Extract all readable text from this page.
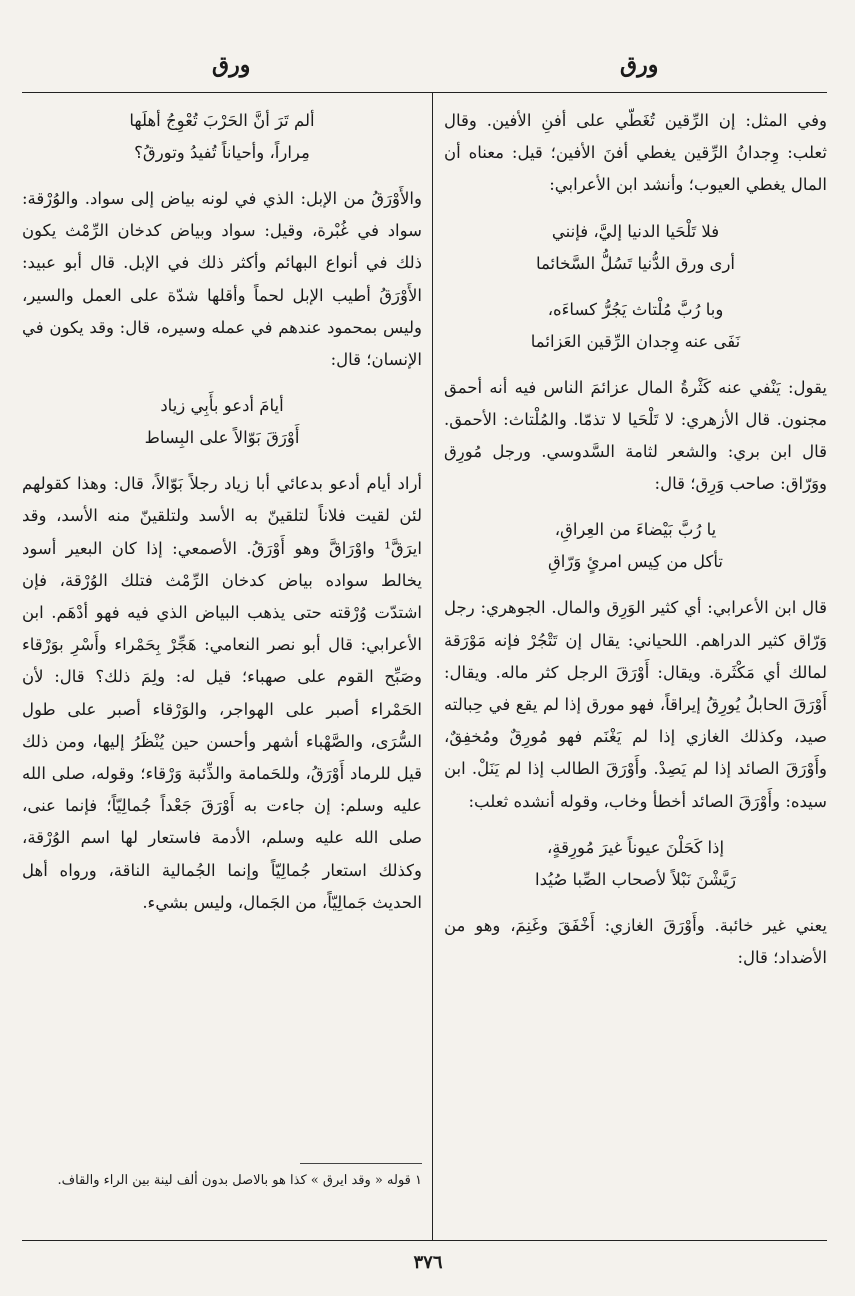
ورق
ورق

وفي المثل: إن الرِّقين تُغَطّي على أفنِ الأفين. وقال ثعلب: وِجدانُ الرِّقين يغطي أفنَ الأفين؛ قيل: معناه أن المال يغطي العيوب؛ وأنشد ابن الأعرابي:

فلا تَلْحَيا الدنيا إليَّ، فإنني
أرى ورق الدُّنيا تَسُلُّ السَّخائما
وبا رُبَّ مُلْتاث يَجُرُّ كساءَه،
نَفَى عنه وِجدان الرِّقين العَزائما

يقول: يَنْفي عنه كَثْرةُ المال عزائمَ الناس فيه أنه أحمق مجنون. قال الأزهري: لا تَلْحَيا لا تذمّا. والمُلْتاث: الأحمق. قال ابن بري: والشعر لثامة السَّدوسي. ورجل مُورِق ووَرّاق: صاحب وَرِق؛ قال:

يا رُبَّ بَيْضاءَ من العِراقِ،
تأكل من كِيس امرئٍ وَرّاقِ

قال ابن الأعرابي: أي كثير الوَرِق والمال. الجوهري: رجل وَرّاق كثير الدراهم. اللحياني: يقال إن تَتْجُرْ فإنه مَوْرَقة لمالك أي مَكْثَرة. ويقال: أَوْرَقَ الرجل كثر ماله. ويقال: أَوْرَقَ الحابلُ يُورِقُ إيراقاً، فهو مورق إذا لم يقع في حِبالته صيد، وكذلك الغازي إذا لم يَغْنَم فهو مُورِقٌ ومُخفِقٌ، وأَوْرَقَ الصائد إذا لم يَصِدْ. وأَوْرَقَ الطالب إذا لم يَنَلْ. ابن سيده: وأَوْرَقَ الصائد أخطأ وخاب، وقوله أنشده ثعلب:

إذا كَحَلْنَ عيوناً غيرَ مُورِقةٍ،
رَيَّشْنَ نَبْلاً لأصحاب الصِّبا صُيُدا

يعني غير خائبة. وأَوْرَقَ الغازي: أَخْفَقَ وغَنِمَ، وهو من الأضداد؛ قال:

ألم تَرَ أنَّ الحَرْبَ تُعْوِجُ أهلَها
مِراراً، وأحياناً تُفيدُ وتورقُ؟

والأَوْرَقُ من الإبل: الذي في لونه بياض إلى سواد. والوُرْقة: سواد في غُبْرة، وقيل: سواد وبياض كدخان الرِّمْث يكون ذلك في أنواع البهائم وأكثر ذلك في الإبل. قال أبو عبيد: الأَوْرَقُ أطيب الإبل لحماً وأقلها شدّة على العمل والسير، وليس بمحمود عندهم في عمله وسيره، قال: وقد يكون في الإنسان؛ قال:

أيامَ أدعو بأَبِي زياد
أَوْرَقَ بَوّالاً على البِساط

أراد أيام أدعو بدعائي أبا زياد رجلاً بَوّالاً، قال: وهذا كقولهم لئن لقيت فلاناً لتلقينّ به الأسد ولتلقينّ منه الأسد، وقد ايرَقَّ¹ واوْرَاقَّ وهو أَوْرَقُ. الأصمعي: إذا كان البعير أسود يخالط سواده بياض كدخان الرِّمْث فتلك الوُرْقة، فإن اشتدّت وُرْقته حتى يذهب البياض الذي فيه فهو أدْهَم. ابن الأعرابي: قال أبو نصر النعامي: هَجِّرْ بِحَمْراء وأَسْرِ بوَرْقاء وصَبِّح القوم على صهباء؛ قيل له: ولِمَ ذلك؟ قال: لأن الحَمْراء أصبر على الهواجر، والوَرْقاء أصبر على طول السُّرَى، والصَّهْباء أشهر وأحسن حين يُنْظَرُ إليها، ومن ذلك قيل للرماد أَوْرَقُ، وللحَمامة والذِّئبة وَرْقاء؛ وقوله، صلى الله عليه وسلم: إن جاءت به أَوْرَقَ جَعْداً جُمالِيّاً؛ فإنما عنى، صلى الله عليه وسلم، الأدمة فاستعار لها اسم الوُرْقة، وكذلك استعار جُمالِيّاً وإنما الجُمالية الناقة، ورواه أهل الحديث جَمالِيّاً، من الجَمال، وليس بشيء.

١ قوله « وقد ايرق » كذا هو بالاصل بدون ألف لينة بين الراء والقاف.
٣٧٦
